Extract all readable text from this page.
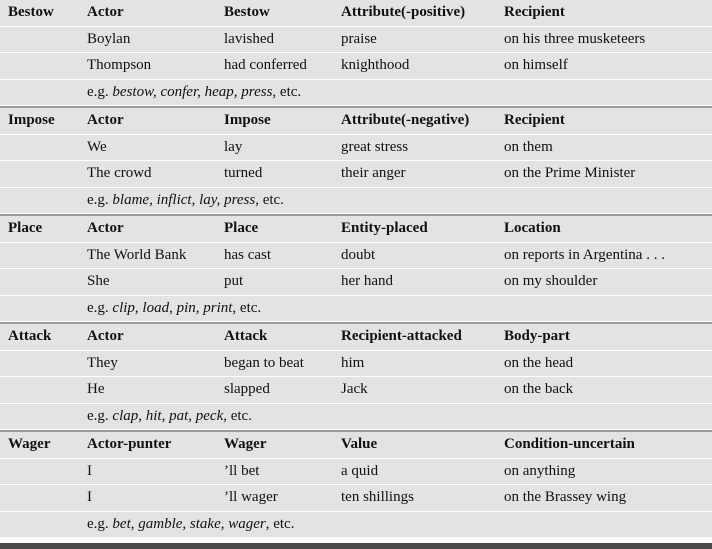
Bestow	Actor	Bestow	Attribute(-positive)	Recipient
	Boylan	lavished	praise	on his three musketeers
	Thompson	had conferred	knighthood	on himself
	e.g. bestow, confer, heap, press, etc.			
Impose	Actor	Impose	Attribute(-negative)	Recipient
	We	lay	great stress	on them
	The crowd	turned	their anger	on the Prime Minister
	e.g. blame, inflict, lay, press, etc.			
Place	Actor	Place	Entity-placed	Location
	The World Bank	has cast	doubt	on reports in Argentina . . .
	She	put	her hand	on my shoulder
	e.g. clip, load, pin, print, etc.			
Attack	Actor	Attack	Recipient-attacked	Body-part
	They	began to beat	him	on the head
	He	slapped	Jack	on the back
	e.g. clap, hit, pat, peck, etc.			
Wager	Actor-punter	Wager	Value	Condition-uncertain
	I	’ll bet	a quid	on anything
	I	’ll wager	ten shillings	on the Brassey wing
	e.g. bet, gamble, stake, wager, etc.			
